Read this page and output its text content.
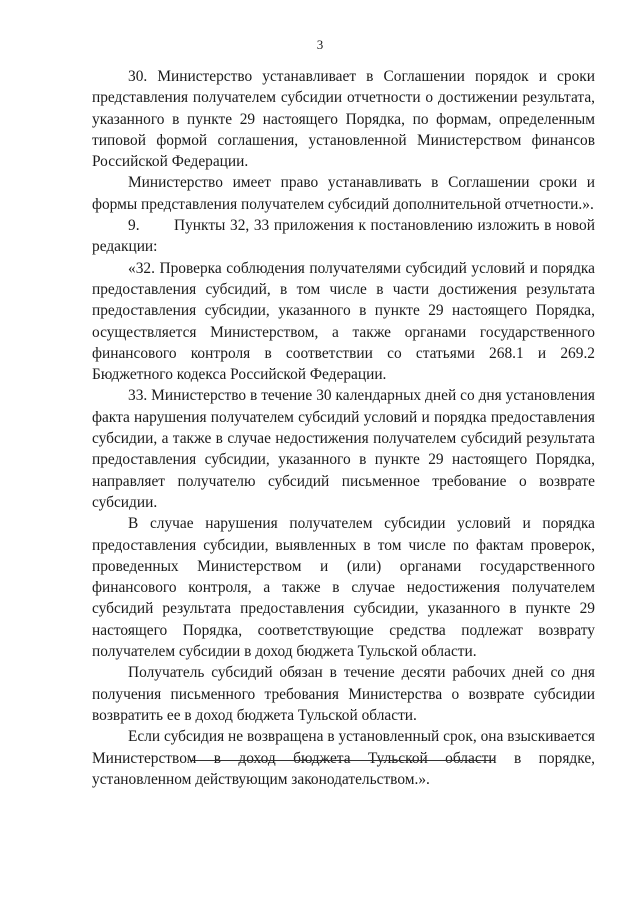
3

30. Министерство устанавливает в Соглашении порядок и сроки представления получателем субсидии отчетности о достижении результата, указанного в пункте 29 настоящего Порядка, по формам, определенным типовой формой соглашения, установленной Министерством финансов Российской Федерации.

Министерство имеет право устанавливать в Соглашении сроки и формы представления получателем субсидий дополнительной отчетности.».

9. Пункты 32, 33 приложения к постановлению изложить в новой редакции:

«32. Проверка соблюдения получателями субсидий условий и порядка предоставления субсидий, в том числе в части достижения результата предоставления субсидии, указанного в пункте 29 настоящего Порядка, осуществляется Министерством, а также органами государственного финансового контроля в соответствии со статьями 268.1 и 269.2 Бюджетного кодекса Российской Федерации.

33. Министерство в течение 30 календарных дней со дня установления факта нарушения получателем субсидий условий и порядка предоставления субсидии, а также в случае недостижения получателем субсидий результата предоставления субсидии, указанного в пункте 29 настоящего Порядка, направляет получателю субсидий письменное требование о возврате субсидии.

В случае нарушения получателем субсидии условий и порядка предоставления субсидии, выявленных в том числе по фактам проверок, проведенных Министерством и (или) органами государственного финансового контроля, а также в случае недостижения получателем субсидий результата предоставления субсидии, указанного в пункте 29 настоящего Порядка, соответствующие средства подлежат возврату получателем субсидии в доход бюджета Тульской области.

Получатель субсидий обязан в течение десяти рабочих дней со дня получения письменного требования Министерства о возврате субсидии возвратить ее в доход бюджета Тульской области.

Если субсидия не возвращена в установленный срок, она взыскивается Министерством в доход бюджета Тульской области в порядке, установленном действующим законодательством.».
